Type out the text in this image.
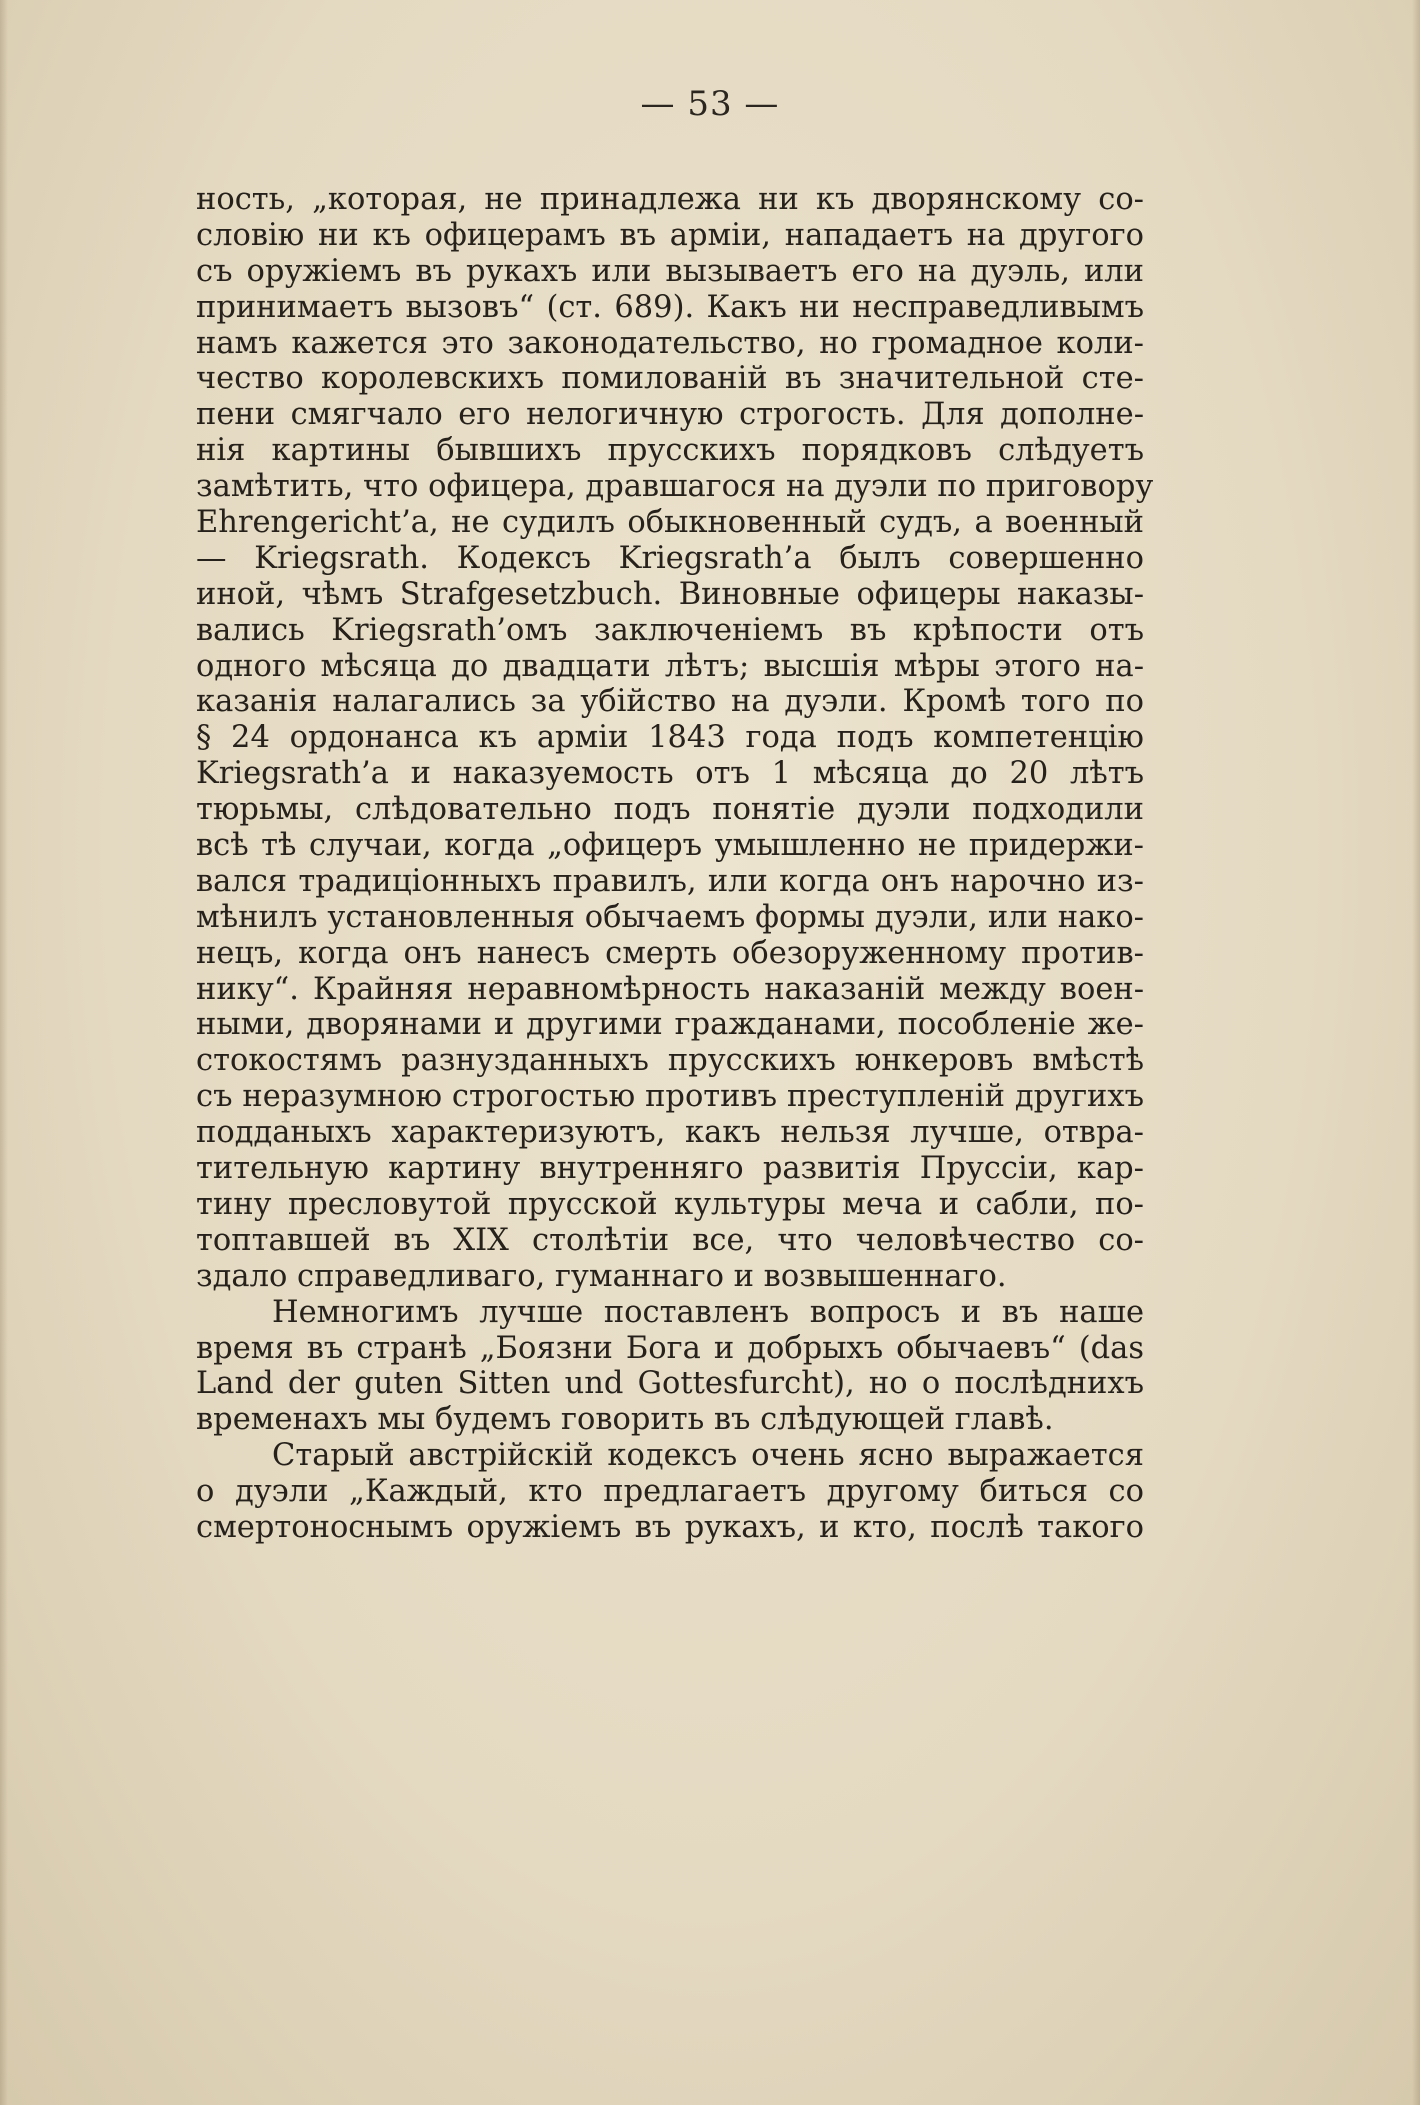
— 53 —
ность, „которая, не принадлежа ни къ дворянскому со-
словію ни къ офицерамъ въ арміи, нападаетъ на другого
съ оружіемъ въ рукахъ или вызываетъ его на дуэль, или
принимаетъ вызовъ“ (ст. 689). Какъ ни несправедливымъ
намъ кажется это законодательство, но громадное коли-
чество королевскихъ помилованій въ значительной сте-
пени смягчало его нелогичную строгость. Для дополне-
нія картины бывшихъ прусскихъ порядковъ слѣдуетъ
замѣтить, что офицера, дравшагося на дуэли по приговору
Ehrengericht’а, не судилъ обыкновенный судъ, а военный
— Kriegsrath. Кодексъ Kriegsrath’а былъ совершенно
иной, чѣмъ Strafgesetzbuch. Виновные офицеры наказы-
вались Kriegsrath’омъ заключеніемъ въ крѣпости отъ
одного мѣсяца до двадцати лѣтъ; высшія мѣры этого на-
казанія налагались за убійство на дуэли. Кромѣ того по
§ 24 ордонанса къ арміи 1843 года подъ компетенцію
Kriegsrath’а и наказуемость отъ 1 мѣсяца до 20 лѣтъ
тюрьмы, слѣдовательно подъ понятіе дуэли подходили
всѣ тѣ случаи, когда „офицеръ умышленно не придержи-
вался традиціонныхъ правилъ, или когда онъ нарочно из-
мѣнилъ установленныя обычаемъ формы дуэли, или нако-
нецъ, когда онъ нанесъ смерть обезоруженному против-
нику“. Крайняя неравномѣрность наказаній между воен-
ными, дворянами и другими гражданами, пособленіе же-
стокостямъ разнузданныхъ прусскихъ юнкеровъ вмѣстѣ
съ неразумною строгостью противъ преступленій другихъ
подданыхъ характеризуютъ, какъ нельзя лучше, отвра-
тительную картину внутренняго развитія Пруссіи, кар-
тину пресловутой прусской культуры меча и сабли, по-
топтавшей въ XIX столѣтіи все, что человѣчество со-
здало справедливаго, гуманнаго и возвышеннаго.
Немногимъ лучше поставленъ вопросъ и въ наше
время въ странѣ „Боязни Бога и добрыхъ обычаевъ“ (das
Land der guten Sitten und Gottesfurcht), но о послѣднихъ
временахъ мы будемъ говорить въ слѣдующей главѣ.
Старый австрійскій кодексъ очень ясно выражается
о дуэли „Каждый, кто предлагаетъ другому биться со
смертоноснымъ оружіемъ въ рукахъ, и кто, послѣ такого
